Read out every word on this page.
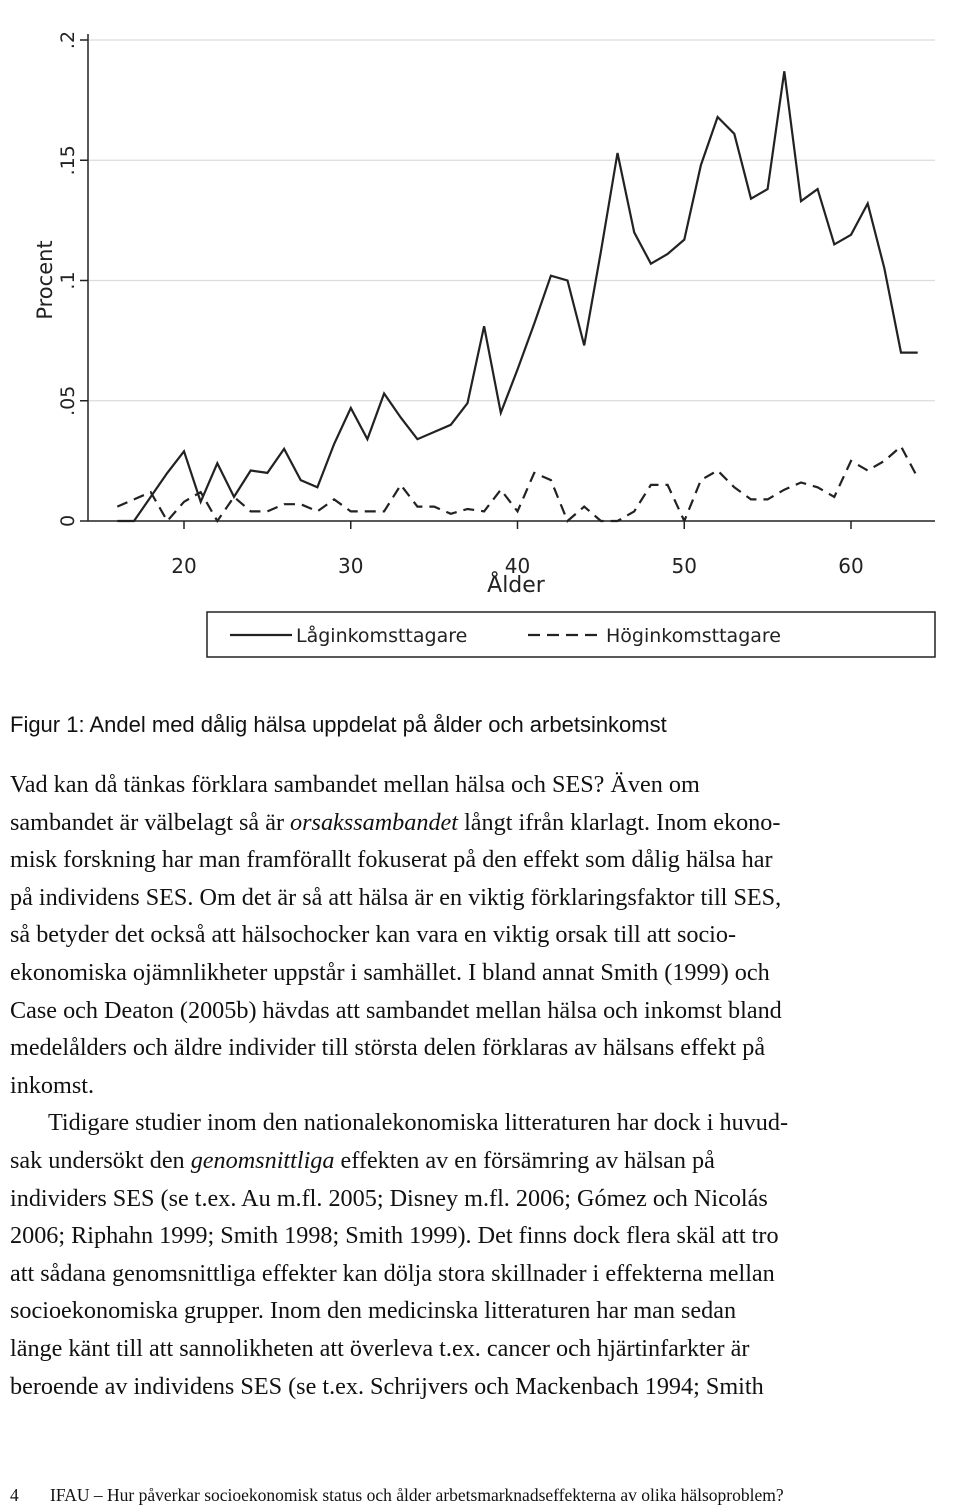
0
.05
.1
.15
.2
20	30	40	50	60
Procent
Ålder
Låginkomsttagare	Höginkomsttagare
Figur 1: Andel med dålig hälsa uppdelat på ålder och arbetsinkomst

Vad kan då tänkas förklara sambandet mellan hälsa och SES? Även om
sambandet är välbelagt så är orsakssambandet långt ifrån klarlagt. Inom ekono-
misk forskning har man framförallt fokuserat på den effekt som dålig hälsa har
på individens SES. Om det är så att hälsa är en viktig förklaringsfaktor till SES,
så betyder det också att hälsochocker kan vara en viktig orsak till att socio-
ekonomiska ojämnlikheter uppstår i samhället. I bland annat Smith (1999) och
Case och Deaton (2005b) hävdas att sambandet mellan hälsa och inkomst bland
medelålders och äldre individer till största delen förklaras av hälsans effekt på
inkomst.

Tidigare studier inom den nationalekonomiska litteraturen har dock i huvud-
sak undersökt den genomsnittliga effekten av en försämring av hälsan på
individers SES (se t.ex. Au m.fl. 2005; Disney m.fl. 2006; Gómez och Nicolás
2006; Riphahn 1999; Smith 1998; Smith 1999). Det finns dock flera skäl att tro
att sådana genomsnittliga effekter kan dölja stora skillnader i effekterna mellan
socioekonomiska grupper. Inom den medicinska litteraturen har man sedan
länge känt till att sannolikheten att överleva t.ex. cancer och hjärtinfarkter är
beroende av individens SES (se t.ex. Schrijvers och Mackenbach 1994; Smith

4 IFAU – Hur påverkar socioekonomisk status och ålder arbetsmarknadseffekterna av olika hälsoproblem?
